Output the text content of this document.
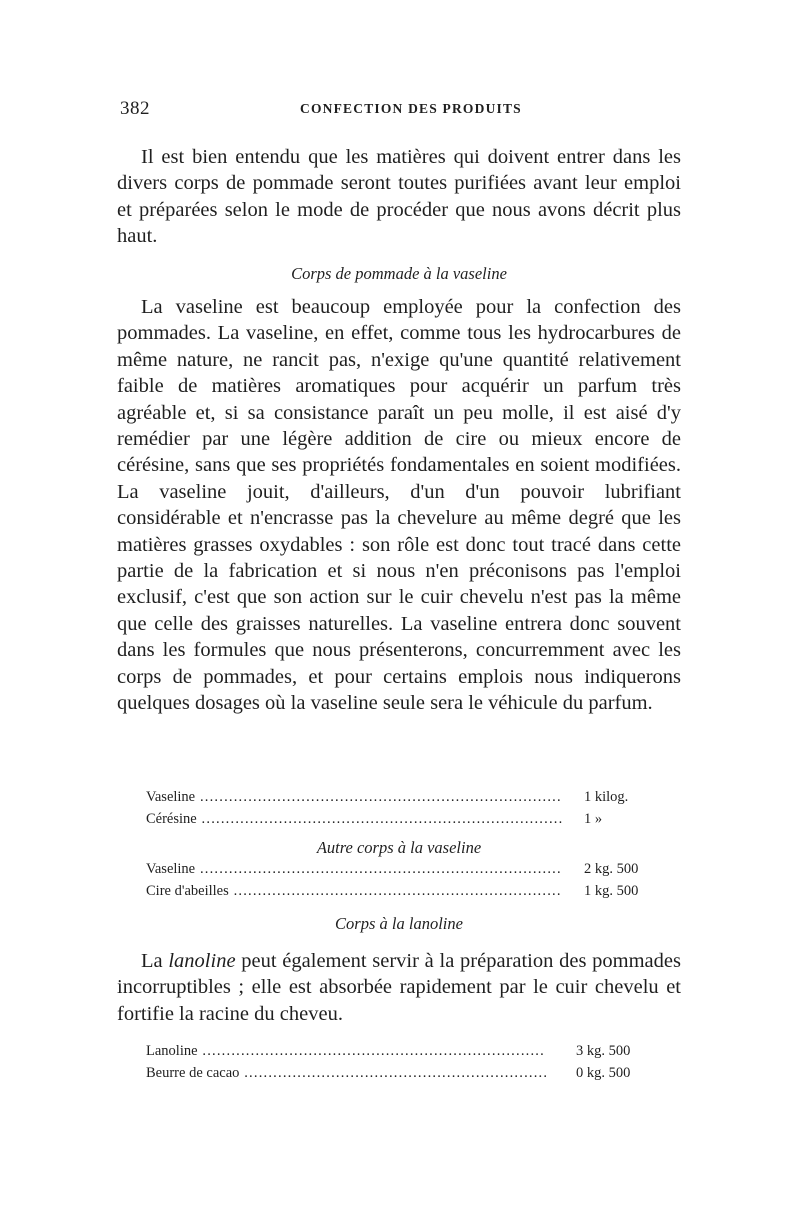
382	CONFECTION DES PRODUITS

Il est bien entendu que les matières qui doivent entrer dans les divers corps de pommade seront toutes purifiées avant leur emploi et préparées selon le mode de procéder que nous avons décrit plus haut.

Corps de pommade à la vaseline

La vaseline est beaucoup employée pour la confection des pommades. La vaseline, en effet, comme tous les hydrocarbures de même nature, ne rancit pas, n'exige qu'une quantité relativement faible de matières aromatiques pour acquérir un parfum très agréable et, si sa consistance paraît un peu molle, il est aisé d'y remédier par une légère addition de cire ou mieux encore de cérésine, sans que ses propriétés fondamentales en soient modifiées. La vaseline jouit, d'ailleurs, d'un d'un pouvoir lubrifiant considérable et n'encrasse pas la chevelure au même degré que les matières grasses oxydables : son rôle est donc tout tracé dans cette partie de la fabrication et si nous n'en préconisons pas l'emploi exclusif, c'est que son action sur le cuir chevelu n'est pas la même que celle des graisses naturelles. La vaseline entrera donc souvent dans les formules que nous présenterons, concurremment avec les corps de pommades, et pour certains emplois nous indiquerons quelques dosages où la vaseline seule sera le véhicule du parfum.

Vaseline .....	1 kilog.
Cérésine .....	1 »
Autre corps à la vaseline
Vaseline .....	2 kg. 500
Cire d'abeilles .....	1 kg. 500
Corps à la lanoline

La lanoline peut également servir à la préparation des pommades incorruptibles ; elle est absorbée rapidement par le cuir chevelu et fortifie la racine du cheveu.

Lanoline .....	3 kg. 500
Beurre de cacao .....	0 kg. 500
